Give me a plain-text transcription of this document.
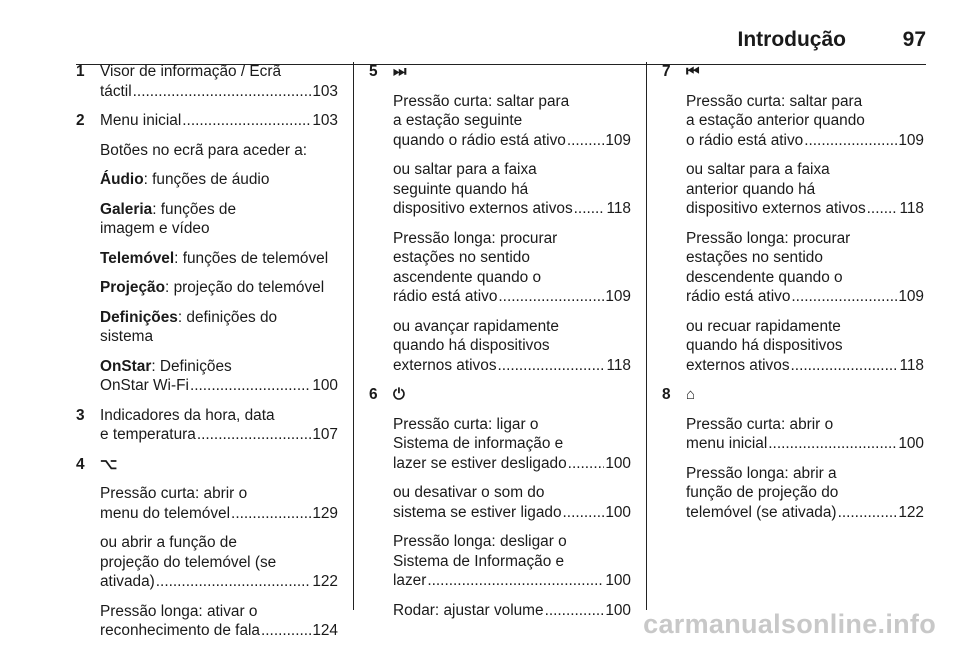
Introdução	97
1 Visor de informação / Ecrã
táctil .....	103
2 Menu inicial .....	103
Botões no ecrã para aceder a:
Áudio: funções de áudio
Galeria: funções de
imagem e vídeo
Telemóvel: funções de telemóvel
Projeção: projeção do telemóvel
Definições: definições do
sistema
OnStar: Definições
OnStar Wi-Fi .....	100
3 Indicadores da hora, data
e temperatura .....	107
4 ⌥
Pressão curta: abrir o
menu do telemóvel .....	129
ou abrir a função de
projeção do telemóvel (se
ativada) .....	122
Pressão longa: ativar o
reconhecimento de fala .....	124
5 ⏭
Pressão curta: saltar para
a estação seguinte
quando o rádio está ativo .....	109
ou saltar para a faixa
seguinte quando há
dispositivo externos ativos ..... 118
Pressão longa: procurar
estações no sentido
ascendente quando o
rádio está ativo .....	109
ou avançar rapidamente
quando há dispositivos
externos ativos .....	118
6 ⏻
Pressão curta: ligar o
Sistema de informação e
lazer se estiver desligado .....	100
ou desativar o som do
sistema se estiver ligado .....	100
Pressão longa: desligar o
Sistema de Informação e
lazer .....	100
Rodar: ajustar volume .....	100
7 ⏮
Pressão curta: saltar para
a estação anterior quando
o rádio está ativo .....	109
ou saltar para a faixa
anterior quando há
dispositivo externos ativos ..... 118
Pressão longa: procurar
estações no sentido
descendente quando o
rádio está ativo .....	109
ou recuar rapidamente
quando há dispositivos
externos ativos .....	118
8 ⌂
Pressão curta: abrir o
menu inicial .....	100
Pressão longa: abrir a
função de projeção do
telemóvel (se ativada) .....	122
carmanualsonline.info
